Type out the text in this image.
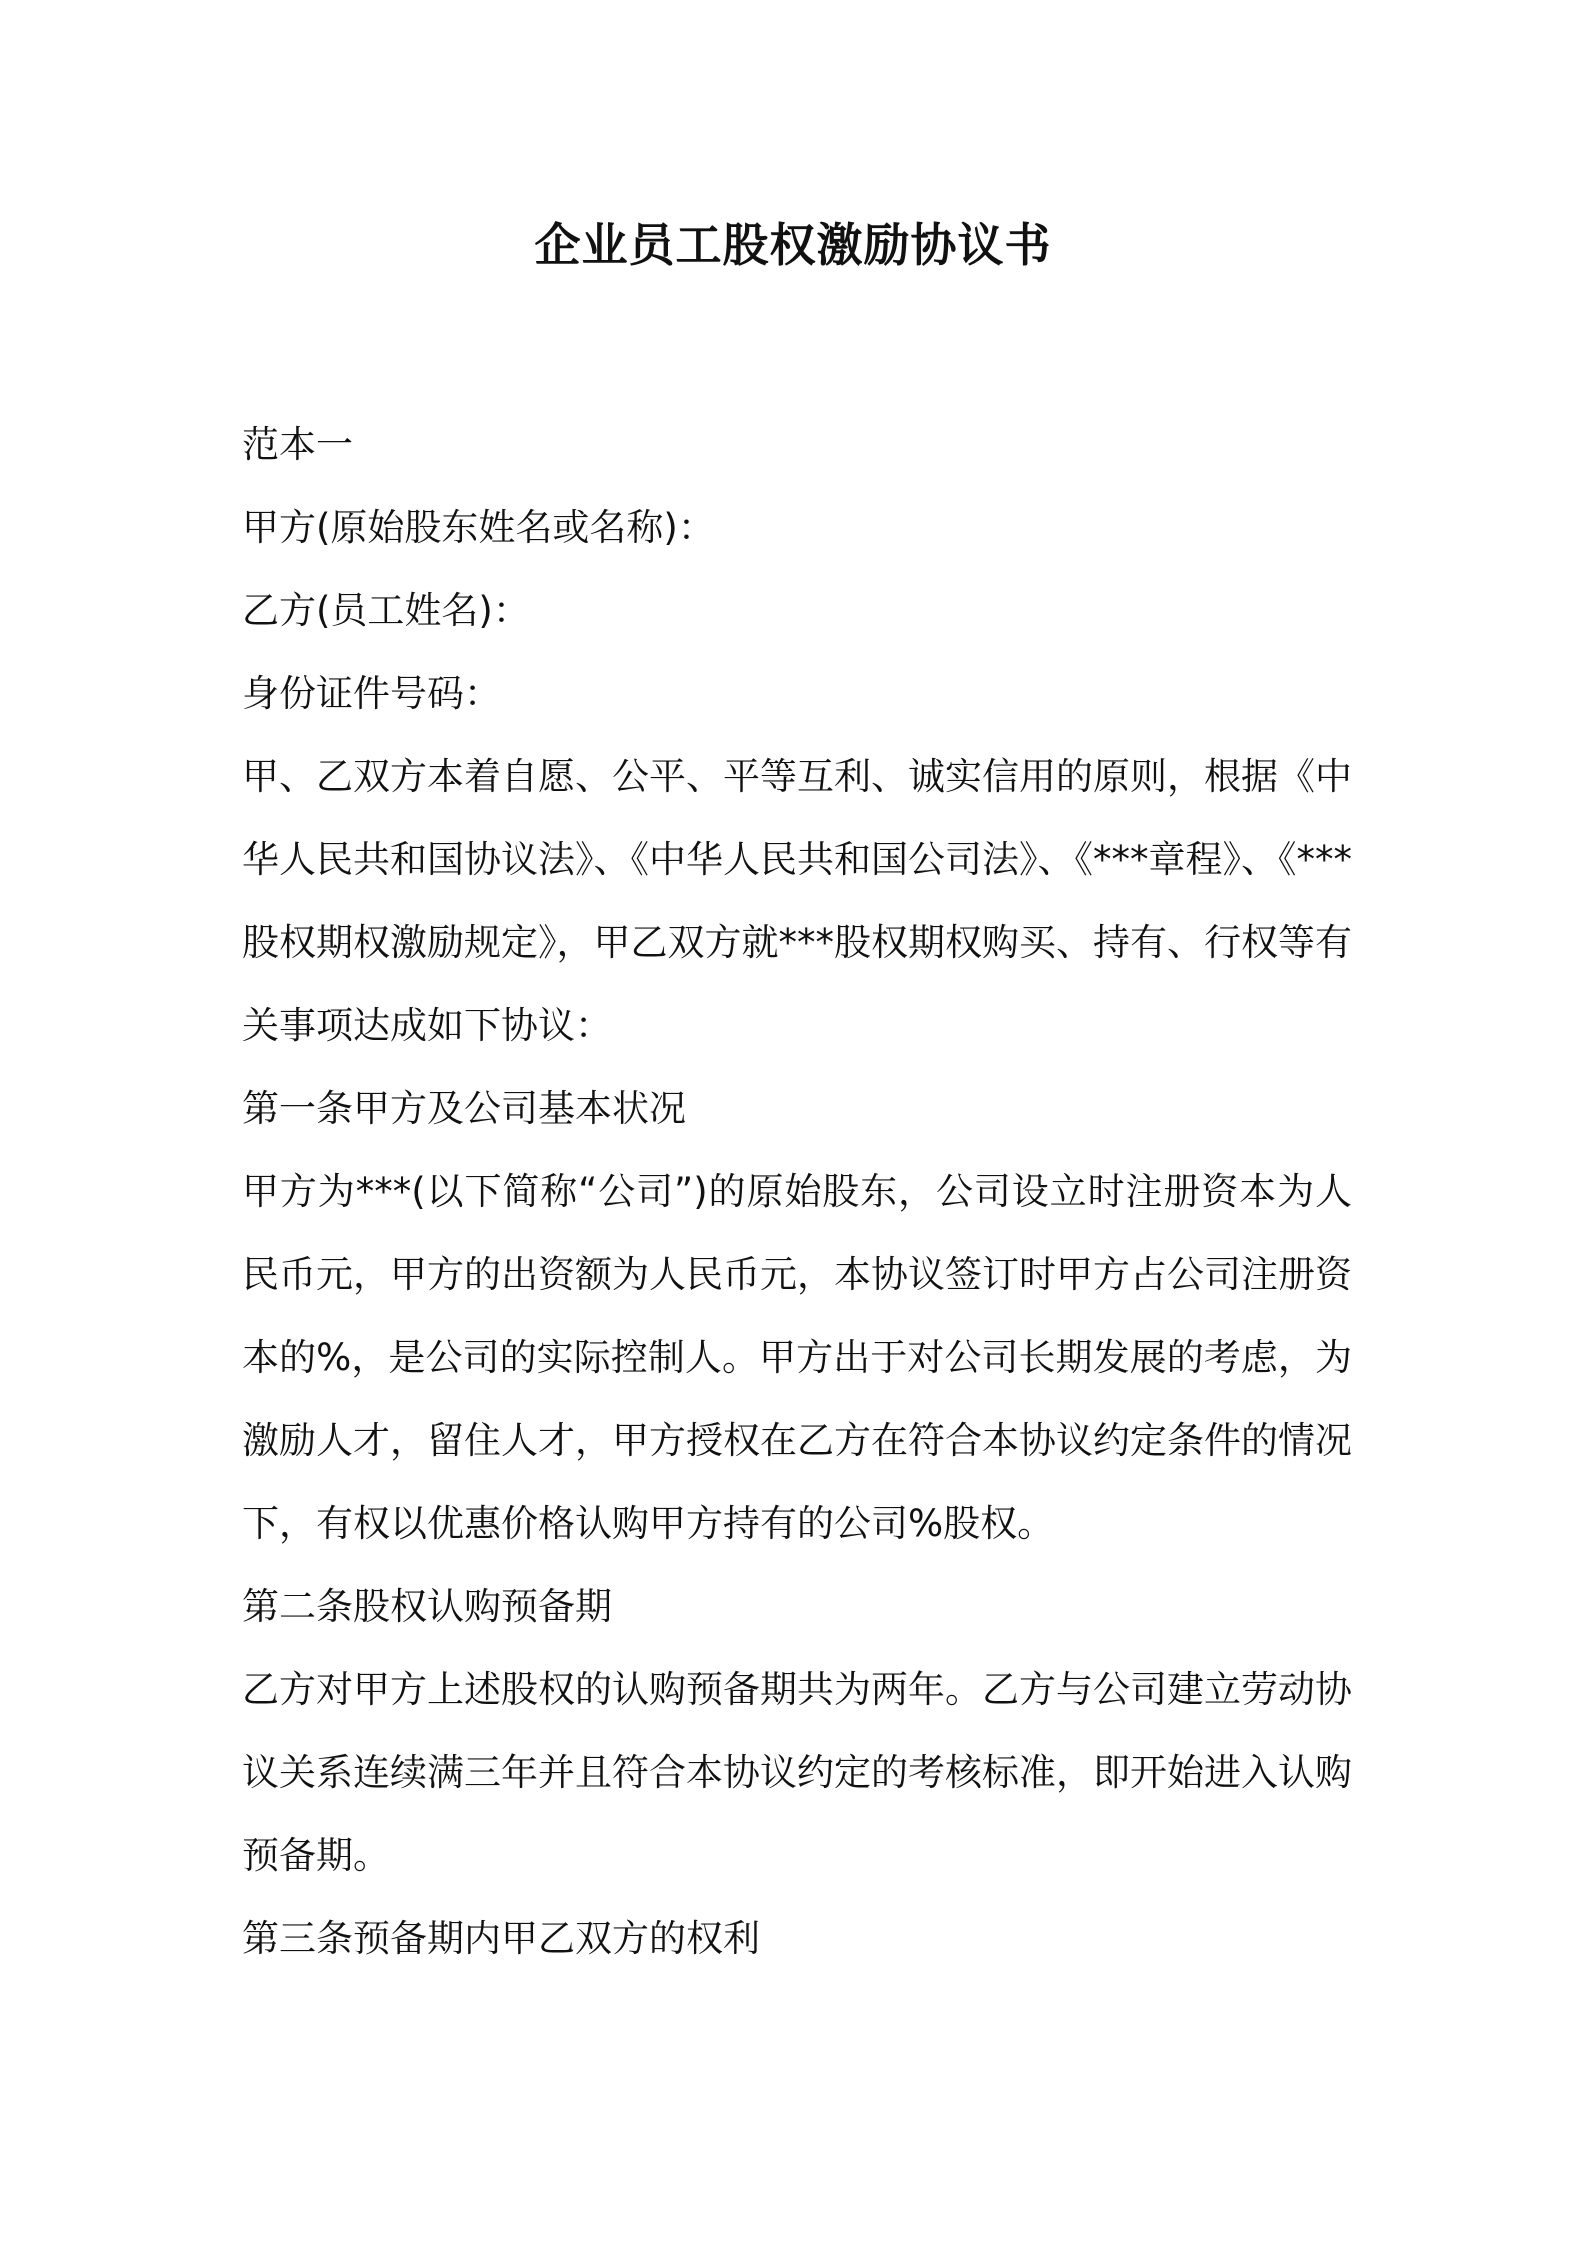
企业员工股权激励协议书

范本一

甲方(原始股东姓名或名称)：

乙方(员工姓名)：

身份证件号码：

甲、乙双方本着自愿、公平、平等互利、诚实信用的原则，根据《中华人民共和国协议法》、《中华人民共和国公司法》、《***章程》、《***股权期权激励规定》，甲乙双方就***股权期权购买、持有、行权等有关事项达成如下协议：

第一条甲方及公司基本状况

甲方为***(以下简称“公司”)的原始股东，公司设立时注册资本为人民币元，甲方的出资额为人民币元，本协议签订时甲方占公司注册资本的%，是公司的实际控制人。甲方出于对公司长期发展的考虑，为激励人才，留住人才，甲方授权在乙方在符合本协议约定条件的情况下，有权以优惠价格认购甲方持有的公司%股权。

第二条股权认购预备期

乙方对甲方上述股权的认购预备期共为两年。乙方与公司建立劳动协议关系连续满三年并且符合本协议约定的考核标准，即开始进入认购预备期。

第三条预备期内甲乙双方的权利
